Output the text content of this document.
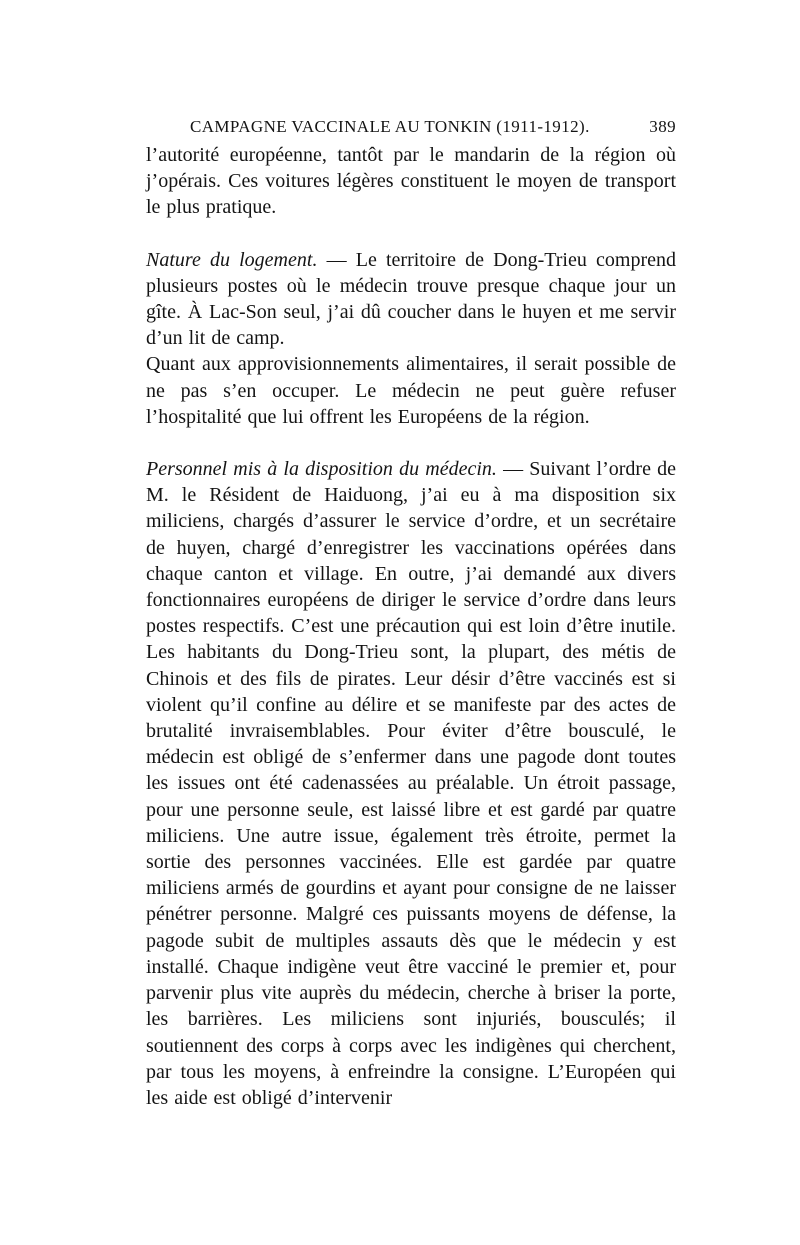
CAMPAGNE VACCINALE AU TONKIN (1911-1912).	389

l’autorité européenne, tantôt par le mandarin de la région où j’opérais. Ces voitures légères constituent le moyen de transport le plus pratique.

Nature du logement. — Le territoire de Dong-Trieu comprend plusieurs postes où le médecin trouve presque chaque jour un gîte. À Lac-Son seul, j’ai dû coucher dans le huyen et me servir d’un lit de camp.

Quant aux approvisionnements alimentaires, il serait possible de ne pas s’en occuper. Le médecin ne peut guère refuser l’hospitalité que lui offrent les Européens de la région.

Personnel mis à la disposition du médecin. — Suivant l’ordre de M. le Résident de Haiduong, j’ai eu à ma disposition six miliciens, chargés d’assurer le service d’ordre, et un secrétaire de huyen, chargé d’enregistrer les vaccinations opérées dans chaque canton et village. En outre, j’ai demandé aux divers fonctionnaires européens de diriger le service d’ordre dans leurs postes respectifs. C’est une précaution qui est loin d’être inutile. Les habitants du Dong-Trieu sont, la plupart, des métis de Chinois et des fils de pirates. Leur désir d’être vaccinés est si violent qu’il confine au délire et se manifeste par des actes de brutalité invraisemblables. Pour éviter d’être bousculé, le médecin est obligé de s’enfermer dans une pagode dont toutes les issues ont été cadenassées au préalable. Un étroit passage, pour une personne seule, est laissé libre et est gardé par quatre miliciens. Une autre issue, également très étroite, permet la sortie des personnes vaccinées. Elle est gardée par quatre miliciens armés de gourdins et ayant pour consigne de ne laisser pénétrer personne. Malgré ces puissants moyens de défense, la pagode subit de multiples assauts dès que le médecin y est installé. Chaque indigène veut être vacciné le premier et, pour parvenir plus vite auprès du médecin, cherche à briser la porte, les barrières. Les miliciens sont injuriés, bousculés; il soutiennent des corps à corps avec les indigènes qui cherchent, par tous les moyens, à enfreindre la consigne. L’Européen qui les aide est obligé d’intervenir
